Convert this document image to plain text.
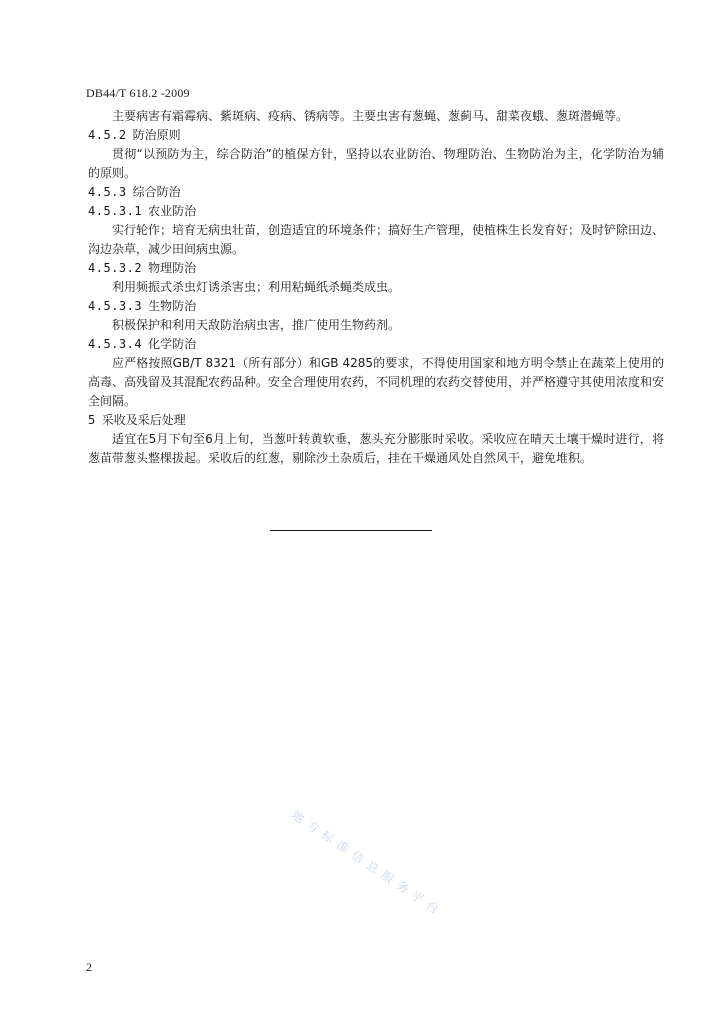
DB44/T 618.2 -2009

主要病害有霜霉病、紫斑病、疫病、锈病等。主要虫害有葱蝇、葱蓟马、甜菜夜蛾、葱斑潜蝇等。

4.5.2 防治原则

贯彻“以预防为主，综合防治”的植保方针，坚持以农业防治、物理防治、生物防治为主，化学防治为辅的原则。

4.5.3 综合防治

4.5.3.1 农业防治

实行轮作；培育无病虫壮苗，创造适宜的环境条件；搞好生产管理，使植株生长发育好；及时铲除田边、沟边杂草，减少田间病虫源。

4.5.3.2 物理防治

利用频振式杀虫灯诱杀害虫；利用粘蝇纸杀蝇类成虫。

4.5.3.3 生物防治

积极保护和利用天敌防治病虫害，推广使用生物药剂。

4.5.3.4 化学防治

应严格按照GB/T 8321（所有部分）和GB 4285的要求，不得使用国家和地方明令禁止在蔬菜上使用的高毒、高残留及其混配农药品种。安全合理使用农药，不同机理的农药交替使用，并严格遵守其使用浓度和安全间隔。

5 采收及采后处理

适宜在5月下旬至6月上旬，当葱叶转黄软垂，葱头充分膨胀时采收。采收应在晴天土壤干燥时进行，将葱苗带葱头整棵拔起。采收后的红葱，剔除沙土杂质后，挂在干燥通风处自然风干，避免堆积。

地方标准信息服务平台
2
